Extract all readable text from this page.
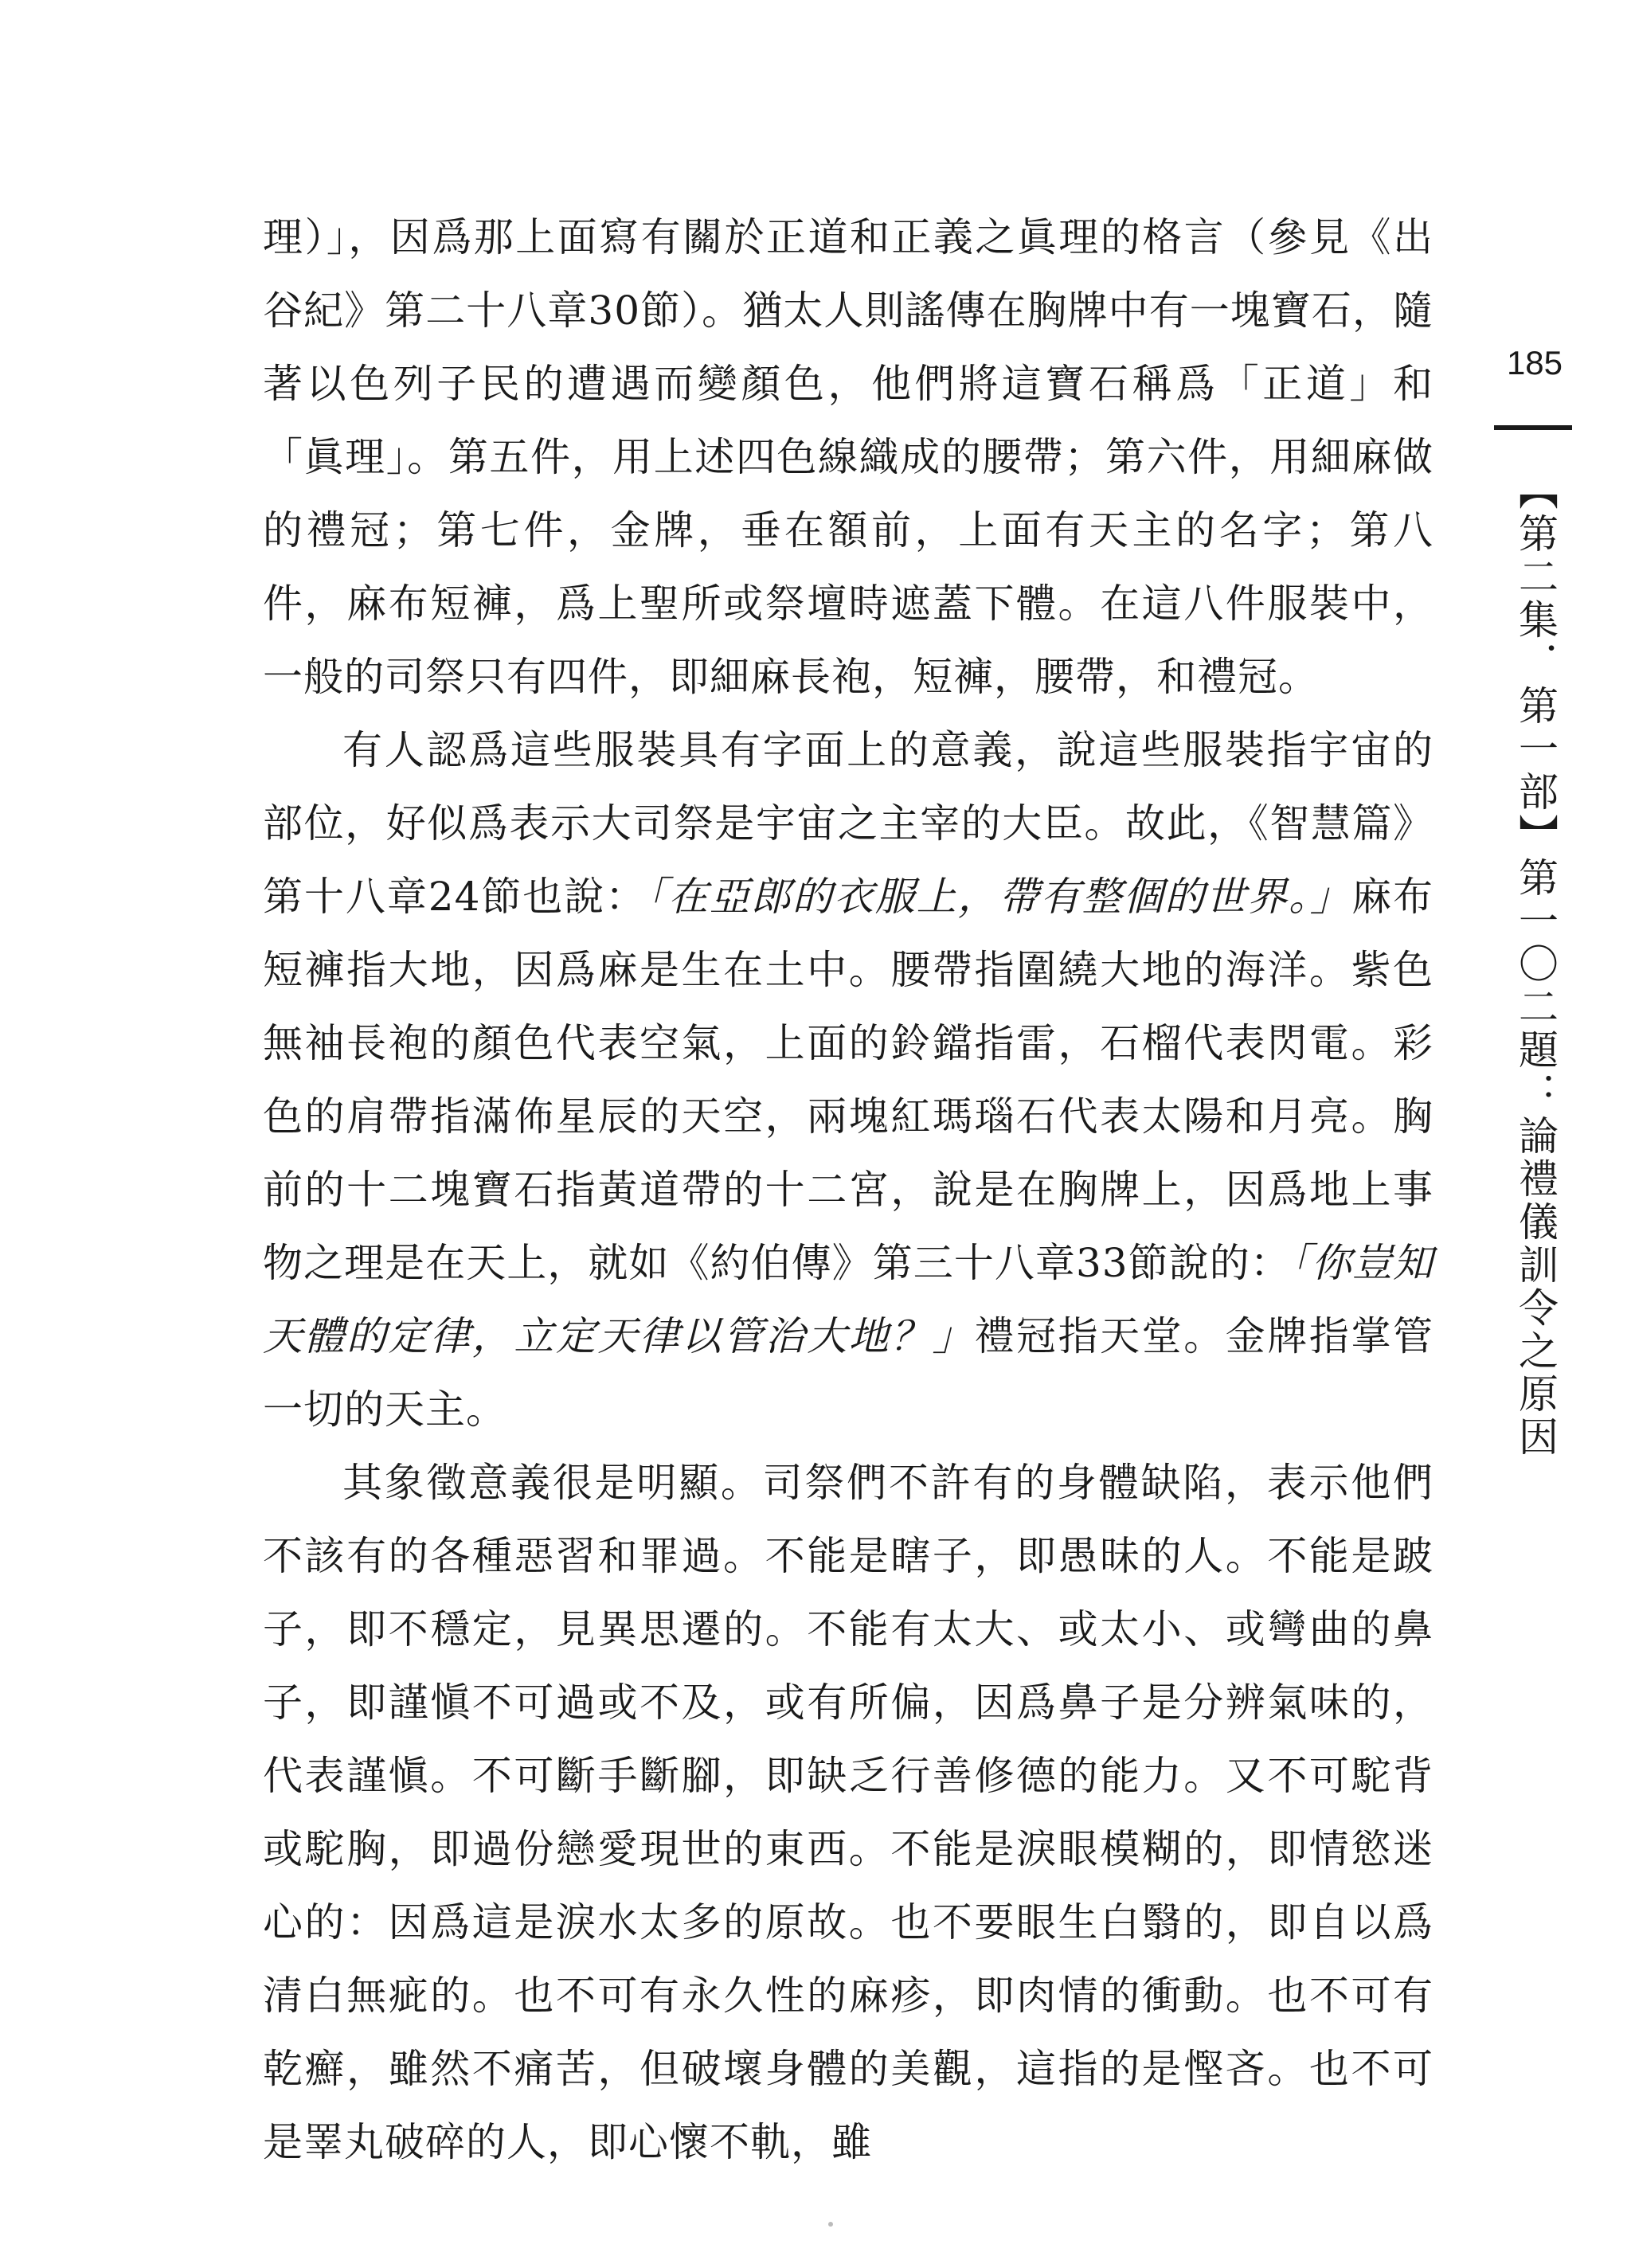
理）」，因爲那上面寫有關於正道和正義之眞理的格言（參見《出谷紀》第二十八章30節）。猶太人則謠傳在胸牌中有一塊寶石，隨著以色列子民的遭遇而變顏色，他們將這寶石稱爲「正道」和「眞理」。第五件，用上述四色線織成的腰帶；第六件，用細麻做的禮冠；第七件，金牌，垂在額前，上面有天主的名字；第八件，麻布短褲，爲上聖所或祭壇時遮蓋下體。在這八件服裝中，一般的司祭只有四件，即細麻長袍，短褲，腰帶，和禮冠。

有人認爲這些服裝具有字面上的意義，說這些服裝指宇宙的部位，好似爲表示大司祭是宇宙之主宰的大臣。故此，《智慧篇》第十八章24節也說：「在亞郎的衣服上，帶有整個的世界。」麻布短褲指大地，因爲麻是生在土中。腰帶指圍繞大地的海洋。紫色無袖長袍的顏色代表空氣，上面的鈴鐺指雷，石榴代表閃電。彩色的肩帶指滿佈星辰的天空，兩塊紅瑪瑙石代表太陽和月亮。胸前的十二塊寶石指黃道帶的十二宮，說是在胸牌上，因爲地上事物之理是在天上，就如《約伯傳》第三十八章33節說的：「你豈知天體的定律，立定天律以管治大地？」禮冠指天堂。金牌指掌管一切的天主。

其象徵意義很是明顯。司祭們不許有的身體缺陷，表示他們不該有的各種惡習和罪過。不能是瞎子，即愚昧的人。不能是跛子，即不穩定，見異思遷的。不能有太大、或太小、或彎曲的鼻子，即謹愼不可過或不及，或有所偏，因爲鼻子是分辨氣味的，代表謹愼。不可斷手斷腳，即缺乏行善修德的能力。又不可駝背或駝胸，即過份戀愛現世的東西。不能是淚眼模糊的，即情慾迷心的：因爲這是淚水太多的原故。也不要眼生白翳的，即自以爲清白無疵的。也不可有永久性的麻疹，即肉情的衝動。也不可有乾癬，雖然不痛苦，但破壞身體的美觀，這指的是慳吝。也不可是睪丸破碎的人，即心懷不軌，雖

185
【第二集．第一部】第一〇二題：論禮儀訓令之原因
